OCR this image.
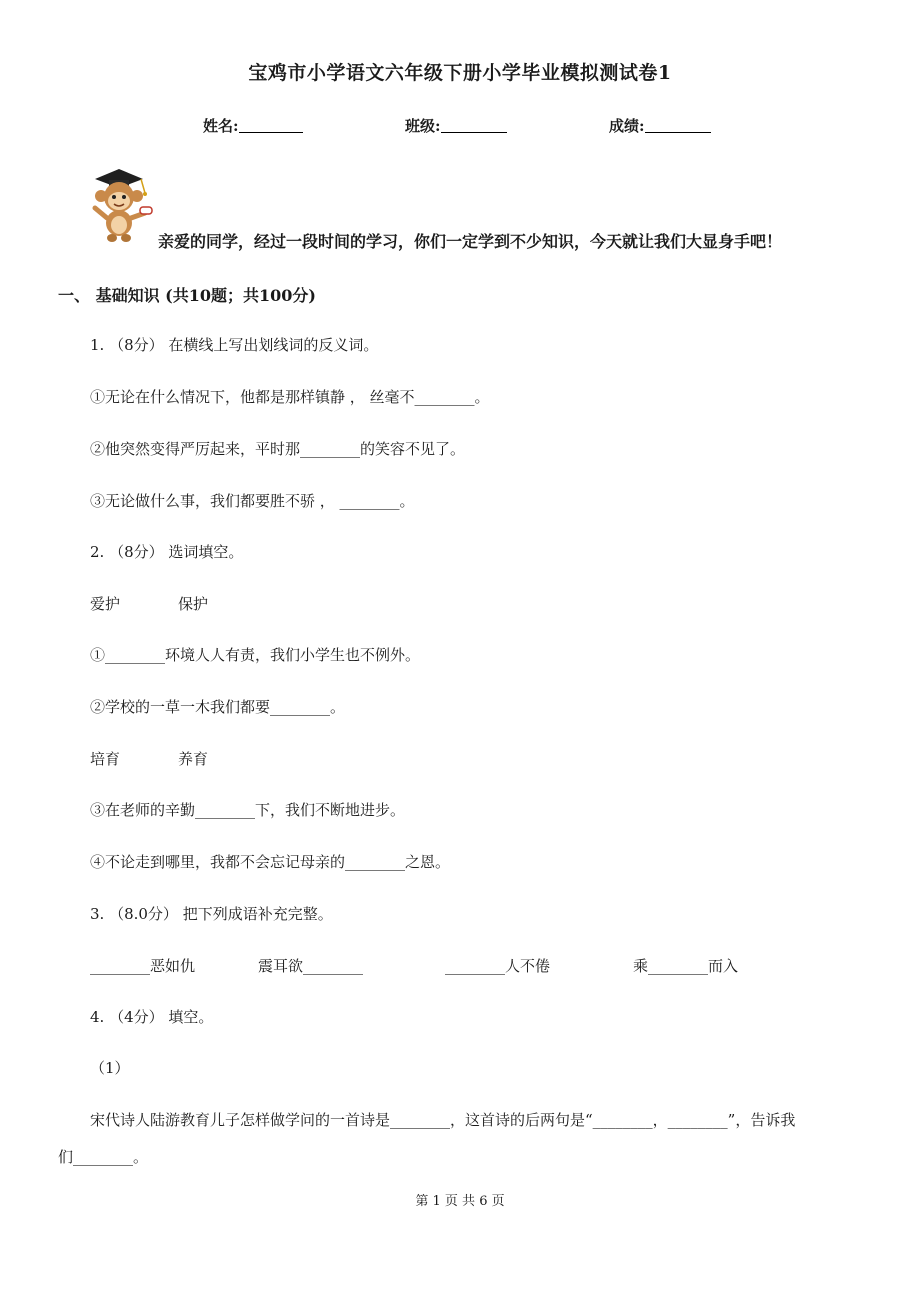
宝鸡市小学语文六年级下册小学毕业模拟测试卷1
姓名:	班级:	成绩:
亲爱的同学，经过一段时间的学习，你们一定学到不少知识，今天就让我们大显身手吧！
一、 基础知识 (共10题；共100分)
1. （8分） 在横线上写出划线词的反义词。
①无论在什么情况下，他都是那样镇静 ， 丝毫不________。
②他突然变得严厉起来，平时那________的笑容不见了。
③无论做什么事，我们都要胜不骄 ， ________。
2. （8分） 选词填空。
爱护	保护
①________环境人人有责，我们小学生也不例外。
②学校的一草一木我们都要________。
培育	养育
③在老师的辛勤________下，我们不断地进步。
④不论走到哪里，我都不会忘记母亲的________之恩。
3. （8.0分） 把下列成语补充完整。
________恶如仇	震耳欲________	________人不倦	乘________而入
4. （4分） 填空。
（1）
宋代诗人陆游教育儿子怎样做学问的一首诗是________，这首诗的后两句是“________，________”，告诉我
们________。
第 1 页 共 6 页
